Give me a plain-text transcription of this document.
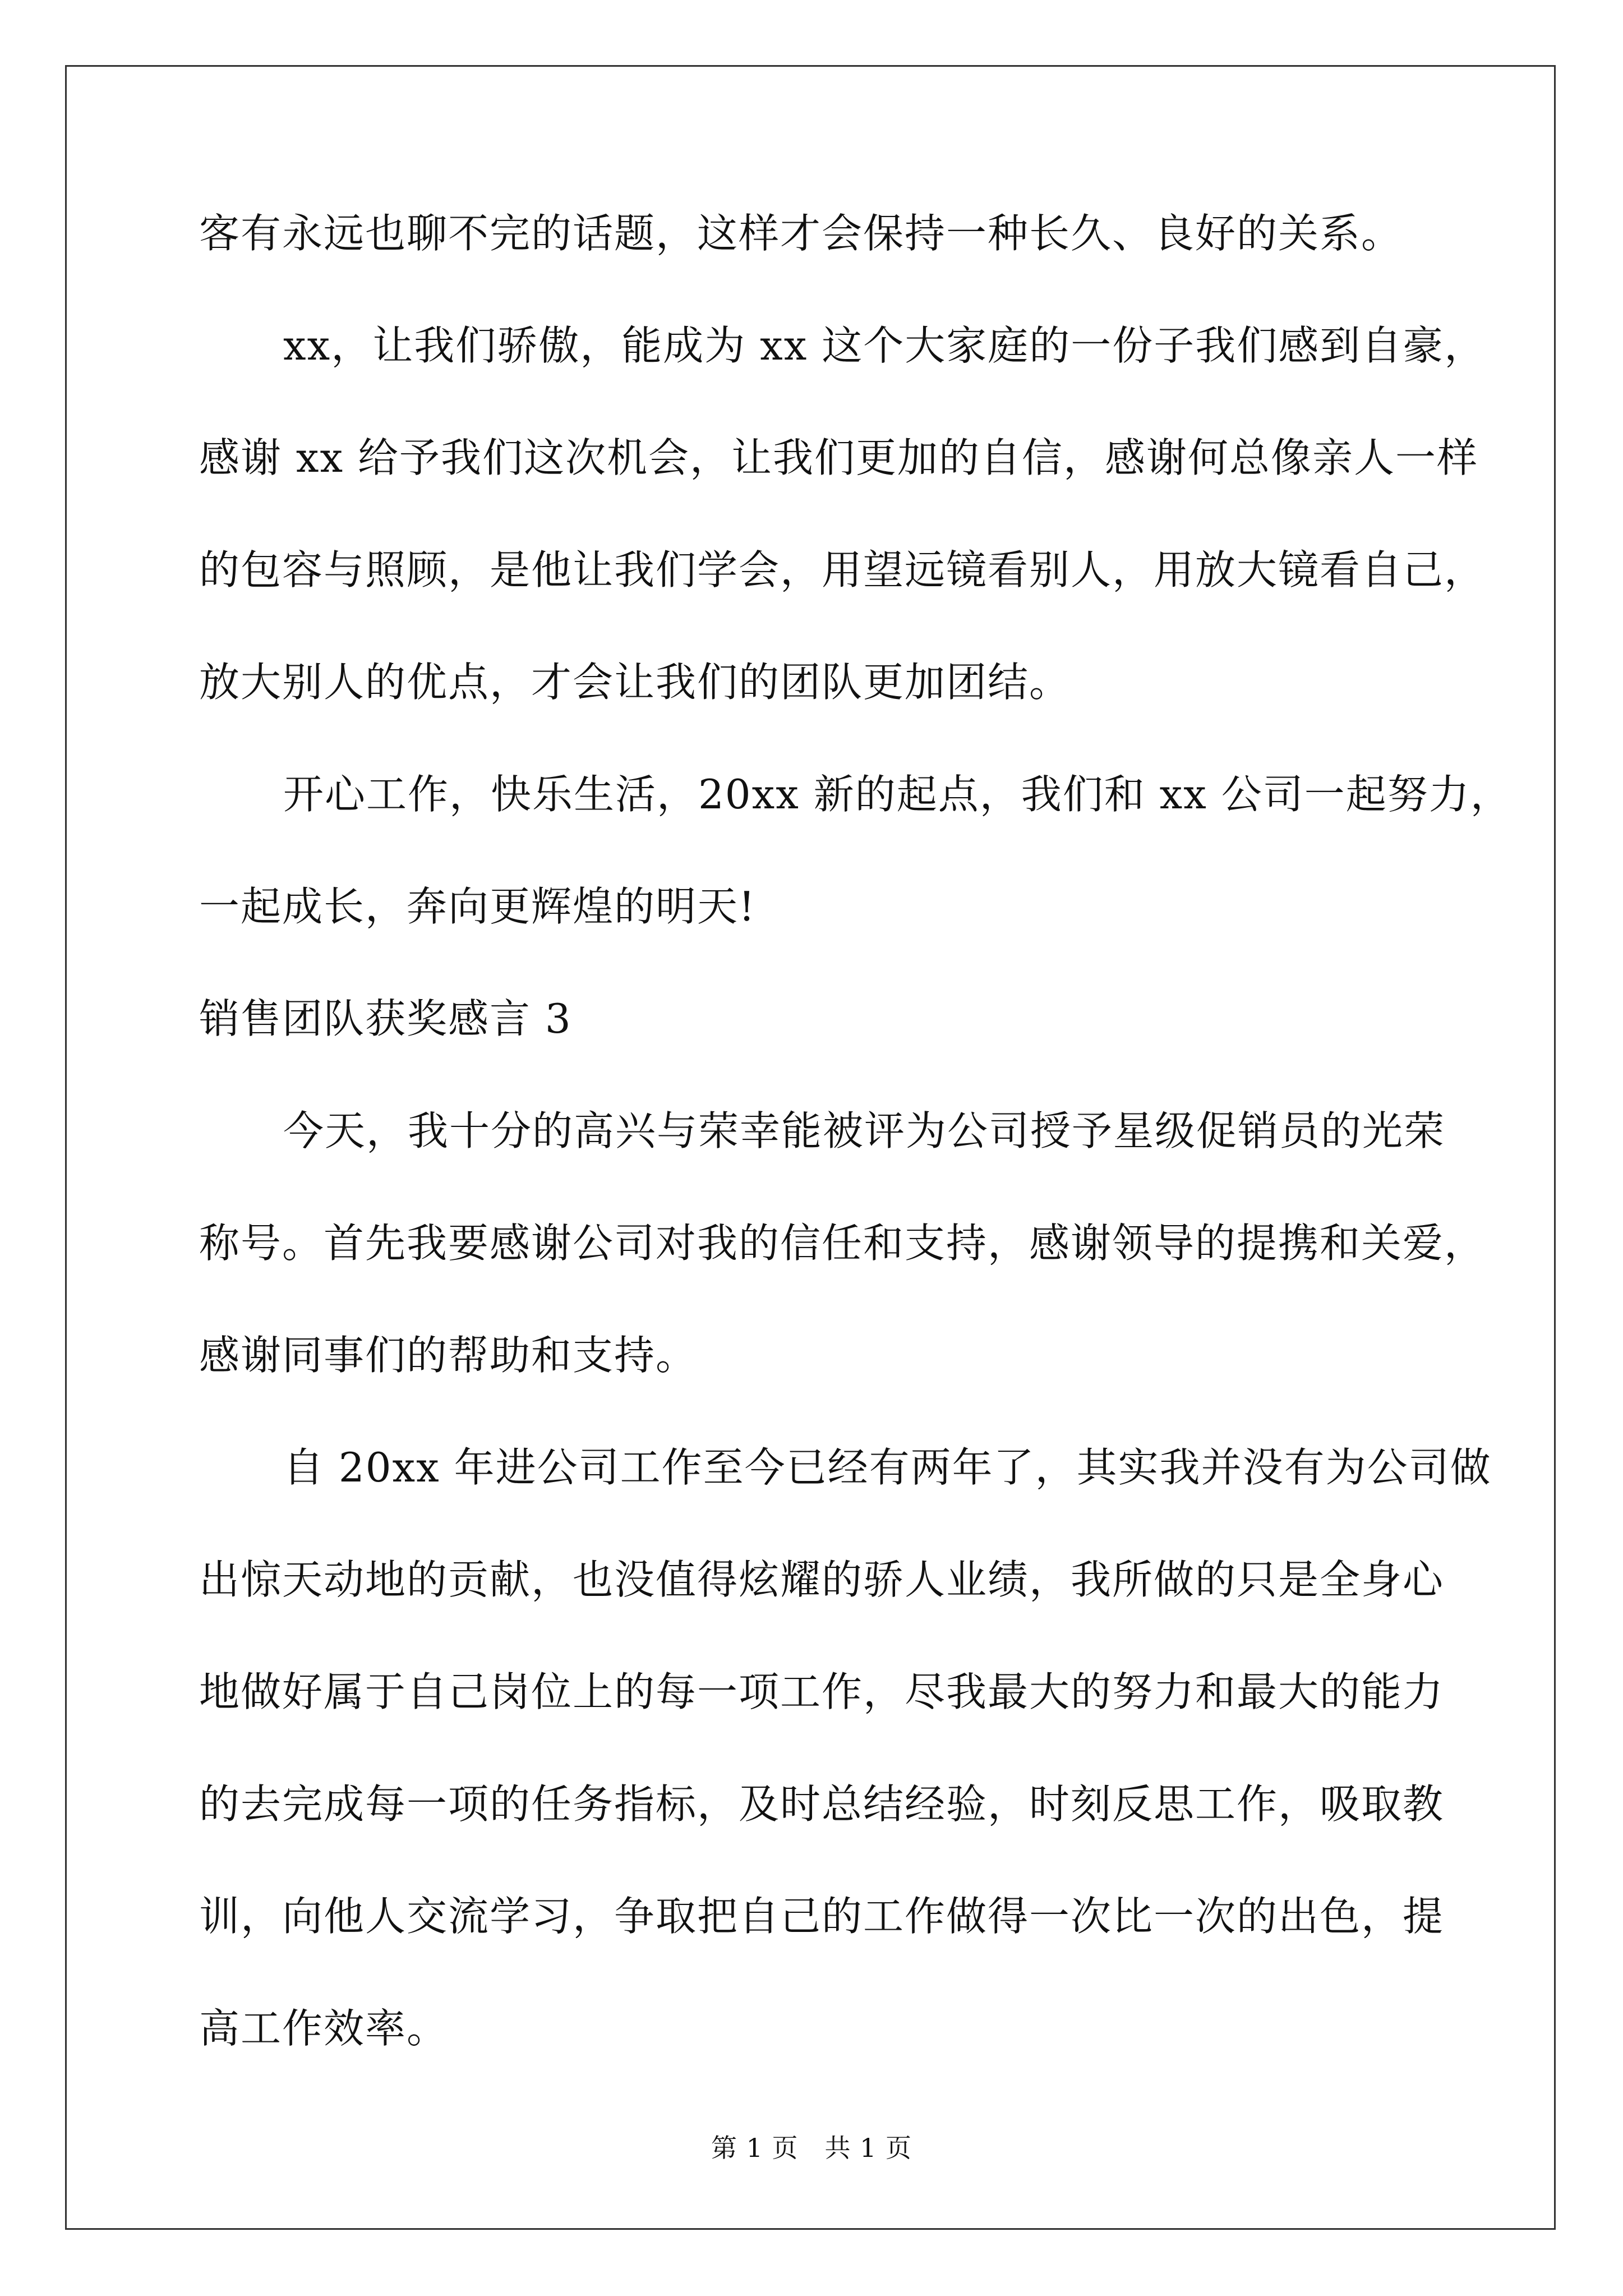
客有永远也聊不完的话题，这样才会保持一种长久、良好的关系。
xx，让我们骄傲，能成为 xx 这个大家庭的一份子我们感到自豪，
感谢 xx 给予我们这次机会，让我们更加的自信，感谢何总像亲人一样
的包容与照顾，是他让我们学会，用望远镜看别人，用放大镜看自己，
放大别人的优点，才会让我们的团队更加团结。
开心工作，快乐生活，20xx 新的起点，我们和 xx 公司一起努力，
一起成长，奔向更辉煌的明天!
销售团队获奖感言 3
今天，我十分的高兴与荣幸能被评为公司授予星级促销员的光荣
称号。首先我要感谢公司对我的信任和支持，感谢领导的提携和关爱，
感谢同事们的帮助和支持。
自 20xx 年进公司工作至今已经有两年了，其实我并没有为公司做
出惊天动地的贡献，也没值得炫耀的骄人业绩，我所做的只是全身心
地做好属于自己岗位上的每一项工作，尽我最大的努力和最大的能力
的去完成每一项的任务指标，及时总结经验，时刻反思工作，吸取教
训，向他人交流学习，争取把自己的工作做得一次比一次的出色，提
高工作效率。
第 1 页　共 1 页
